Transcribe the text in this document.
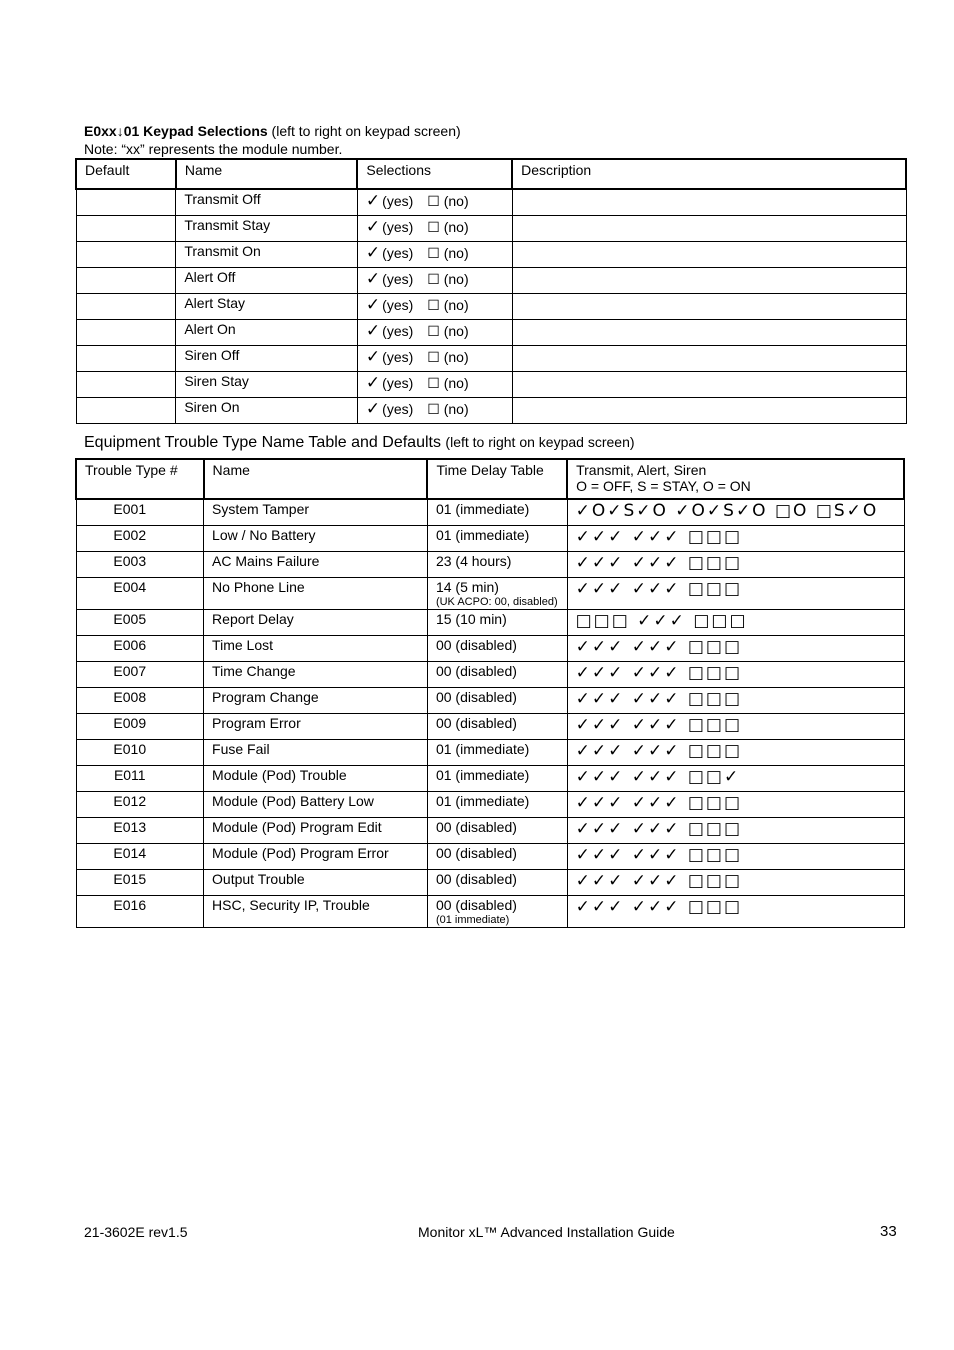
E0xx↓01 Keypad Selections (left to right on keypad screen)
Note: “xx” represents the module number.
Default	Name	Selections	Description
	Transmit Off	✓ (yes) ☐ (no)	
	Transmit Stay	✓ (yes) ☐ (no)	
	Transmit On	✓ (yes) ☐ (no)	
	Alert Off	✓ (yes) ☐ (no)	
	Alert Stay	✓ (yes) ☐ (no)	
	Alert On	✓ (yes) ☐ (no)	
	Siren Off	✓ (yes) ☐ (no)	
	Siren Stay	✓ (yes) ☐ (no)	
	Siren On	✓ (yes) ☐ (no)	
Equipment Trouble Type Name Table and Defaults (left to right on keypad screen)
Trouble Type #	Name	Time Delay Table	Transmit, Alert, Siren
O = OFF, S = STAY, O = ON
E001	System Tamper	01 (immediate)	✓O✓S✓O ✓O✓S✓O □O □S✓O
E002	Low / No Battery	01 (immediate)	✓✓✓ ✓✓✓ □□□
E003	AC Mains Failure	23 (4 hours)	✓✓✓ ✓✓✓ □□□
E004	No Phone Line	14 (5 min)
(UK ACPO: 00, disabled)	✓✓✓ ✓✓✓ □□□
E005	Report Delay	15 (10 min)	□□□ ✓✓✓ □□□
E006	Time Lost	00 (disabled)	✓✓✓ ✓✓✓ □□□
E007	Time Change	00 (disabled)	✓✓✓ ✓✓✓ □□□
E008	Program Change	00 (disabled)	✓✓✓ ✓✓✓ □□□
E009	Program Error	00 (disabled)	✓✓✓ ✓✓✓ □□□
E010	Fuse Fail	01 (immediate)	✓✓✓ ✓✓✓ □□□
E011	Module (Pod) Trouble	01 (immediate)	✓✓✓ ✓✓✓ □□✓
E012	Module (Pod) Battery Low	01 (immediate)	✓✓✓ ✓✓✓ □□□
E013	Module (Pod) Program Edit	00 (disabled)	✓✓✓ ✓✓✓ □□□
E014	Module (Pod) Program Error	00 (disabled)	✓✓✓ ✓✓✓ □□□
E015	Output Trouble	00 (disabled)	✓✓✓ ✓✓✓ □□□
E016	HSC, Security IP, Trouble	00 (disabled)
(01 immediate)	✓✓✓ ✓✓✓ □□□
21-3602E rev1.5	Monitor xL™ Advanced Installation Guide	33
